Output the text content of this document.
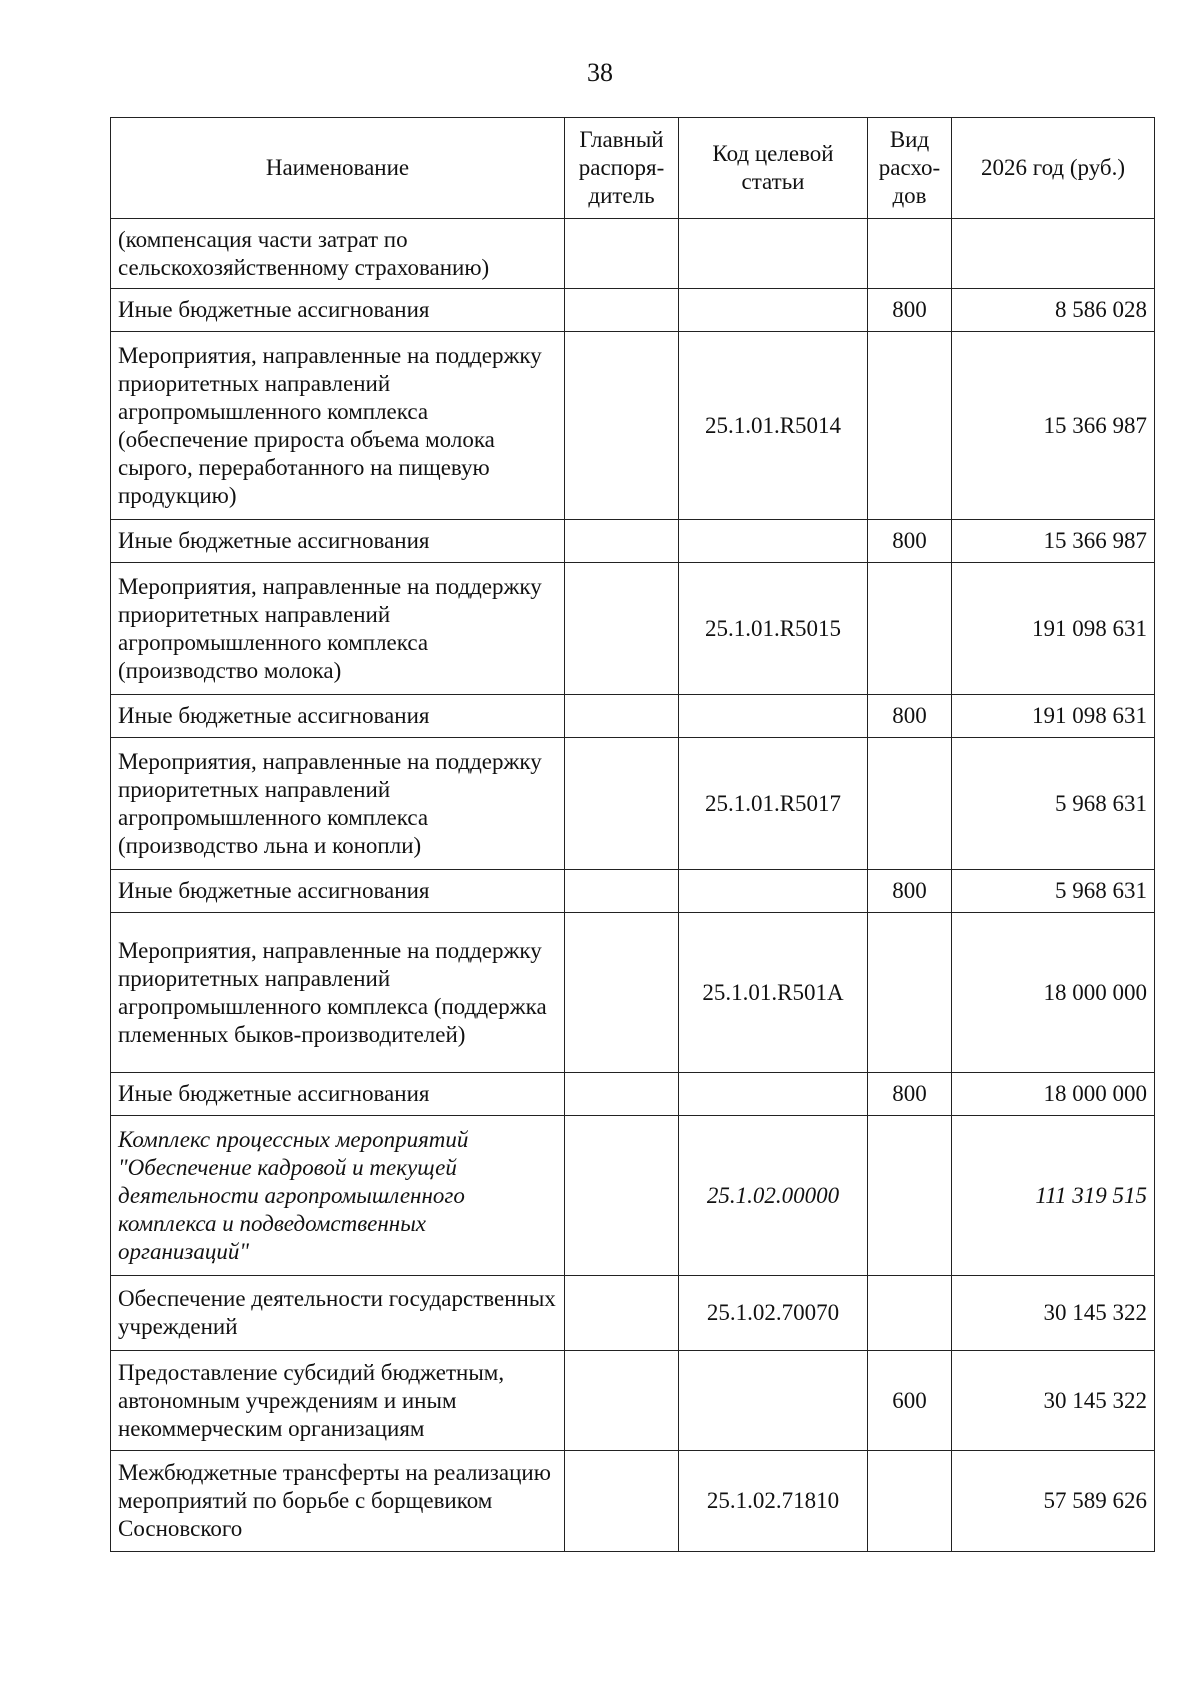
38
Наименование	Главный распоря-дитель	Код целевой статьи	Вид расхо-дов	2026 год (руб.)
(компенсация части затрат по сельскохозяйственному страхованию)				
Иные бюджетные ассигнования			800	8 586 028
Мероприятия, направленные на поддержку приоритетных направлений агропромышленного комплекса (обеспечение прироста объема молока сырого, переработанного на пищевую продукцию)		25.1.01.R5014		15 366 987
Иные бюджетные ассигнования			800	15 366 987
Мероприятия, направленные на поддержку приоритетных направлений агропромышленного комплекса (производство молока)		25.1.01.R5015		191 098 631
Иные бюджетные ассигнования			800	191 098 631
Мероприятия, направленные на поддержку приоритетных направлений агропромышленного комплекса (производство льна и конопли)		25.1.01.R5017		5 968 631
Иные бюджетные ассигнования			800	5 968 631
Мероприятия, направленные на поддержку приоритетных направлений агропромышленного комплекса (поддержка племенных быков-производителей)		25.1.01.R501A		18 000 000
Иные бюджетные ассигнования			800	18 000 000
Комплекс процессных мероприятий "Обеспечение кадровой и текущей деятельности агропромышленного комплекса и подведомственных организаций"		25.1.02.00000		111 319 515
Обеспечение деятельности государственных учреждений		25.1.02.70070		30 145 322
Предоставление субсидий бюджетным, автономным учреждениям и иным некоммерческим организациям			600	30 145 322
Межбюджетные трансферты на реализацию мероприятий по борьбе с борщевиком Сосновского		25.1.02.71810		57 589 626
